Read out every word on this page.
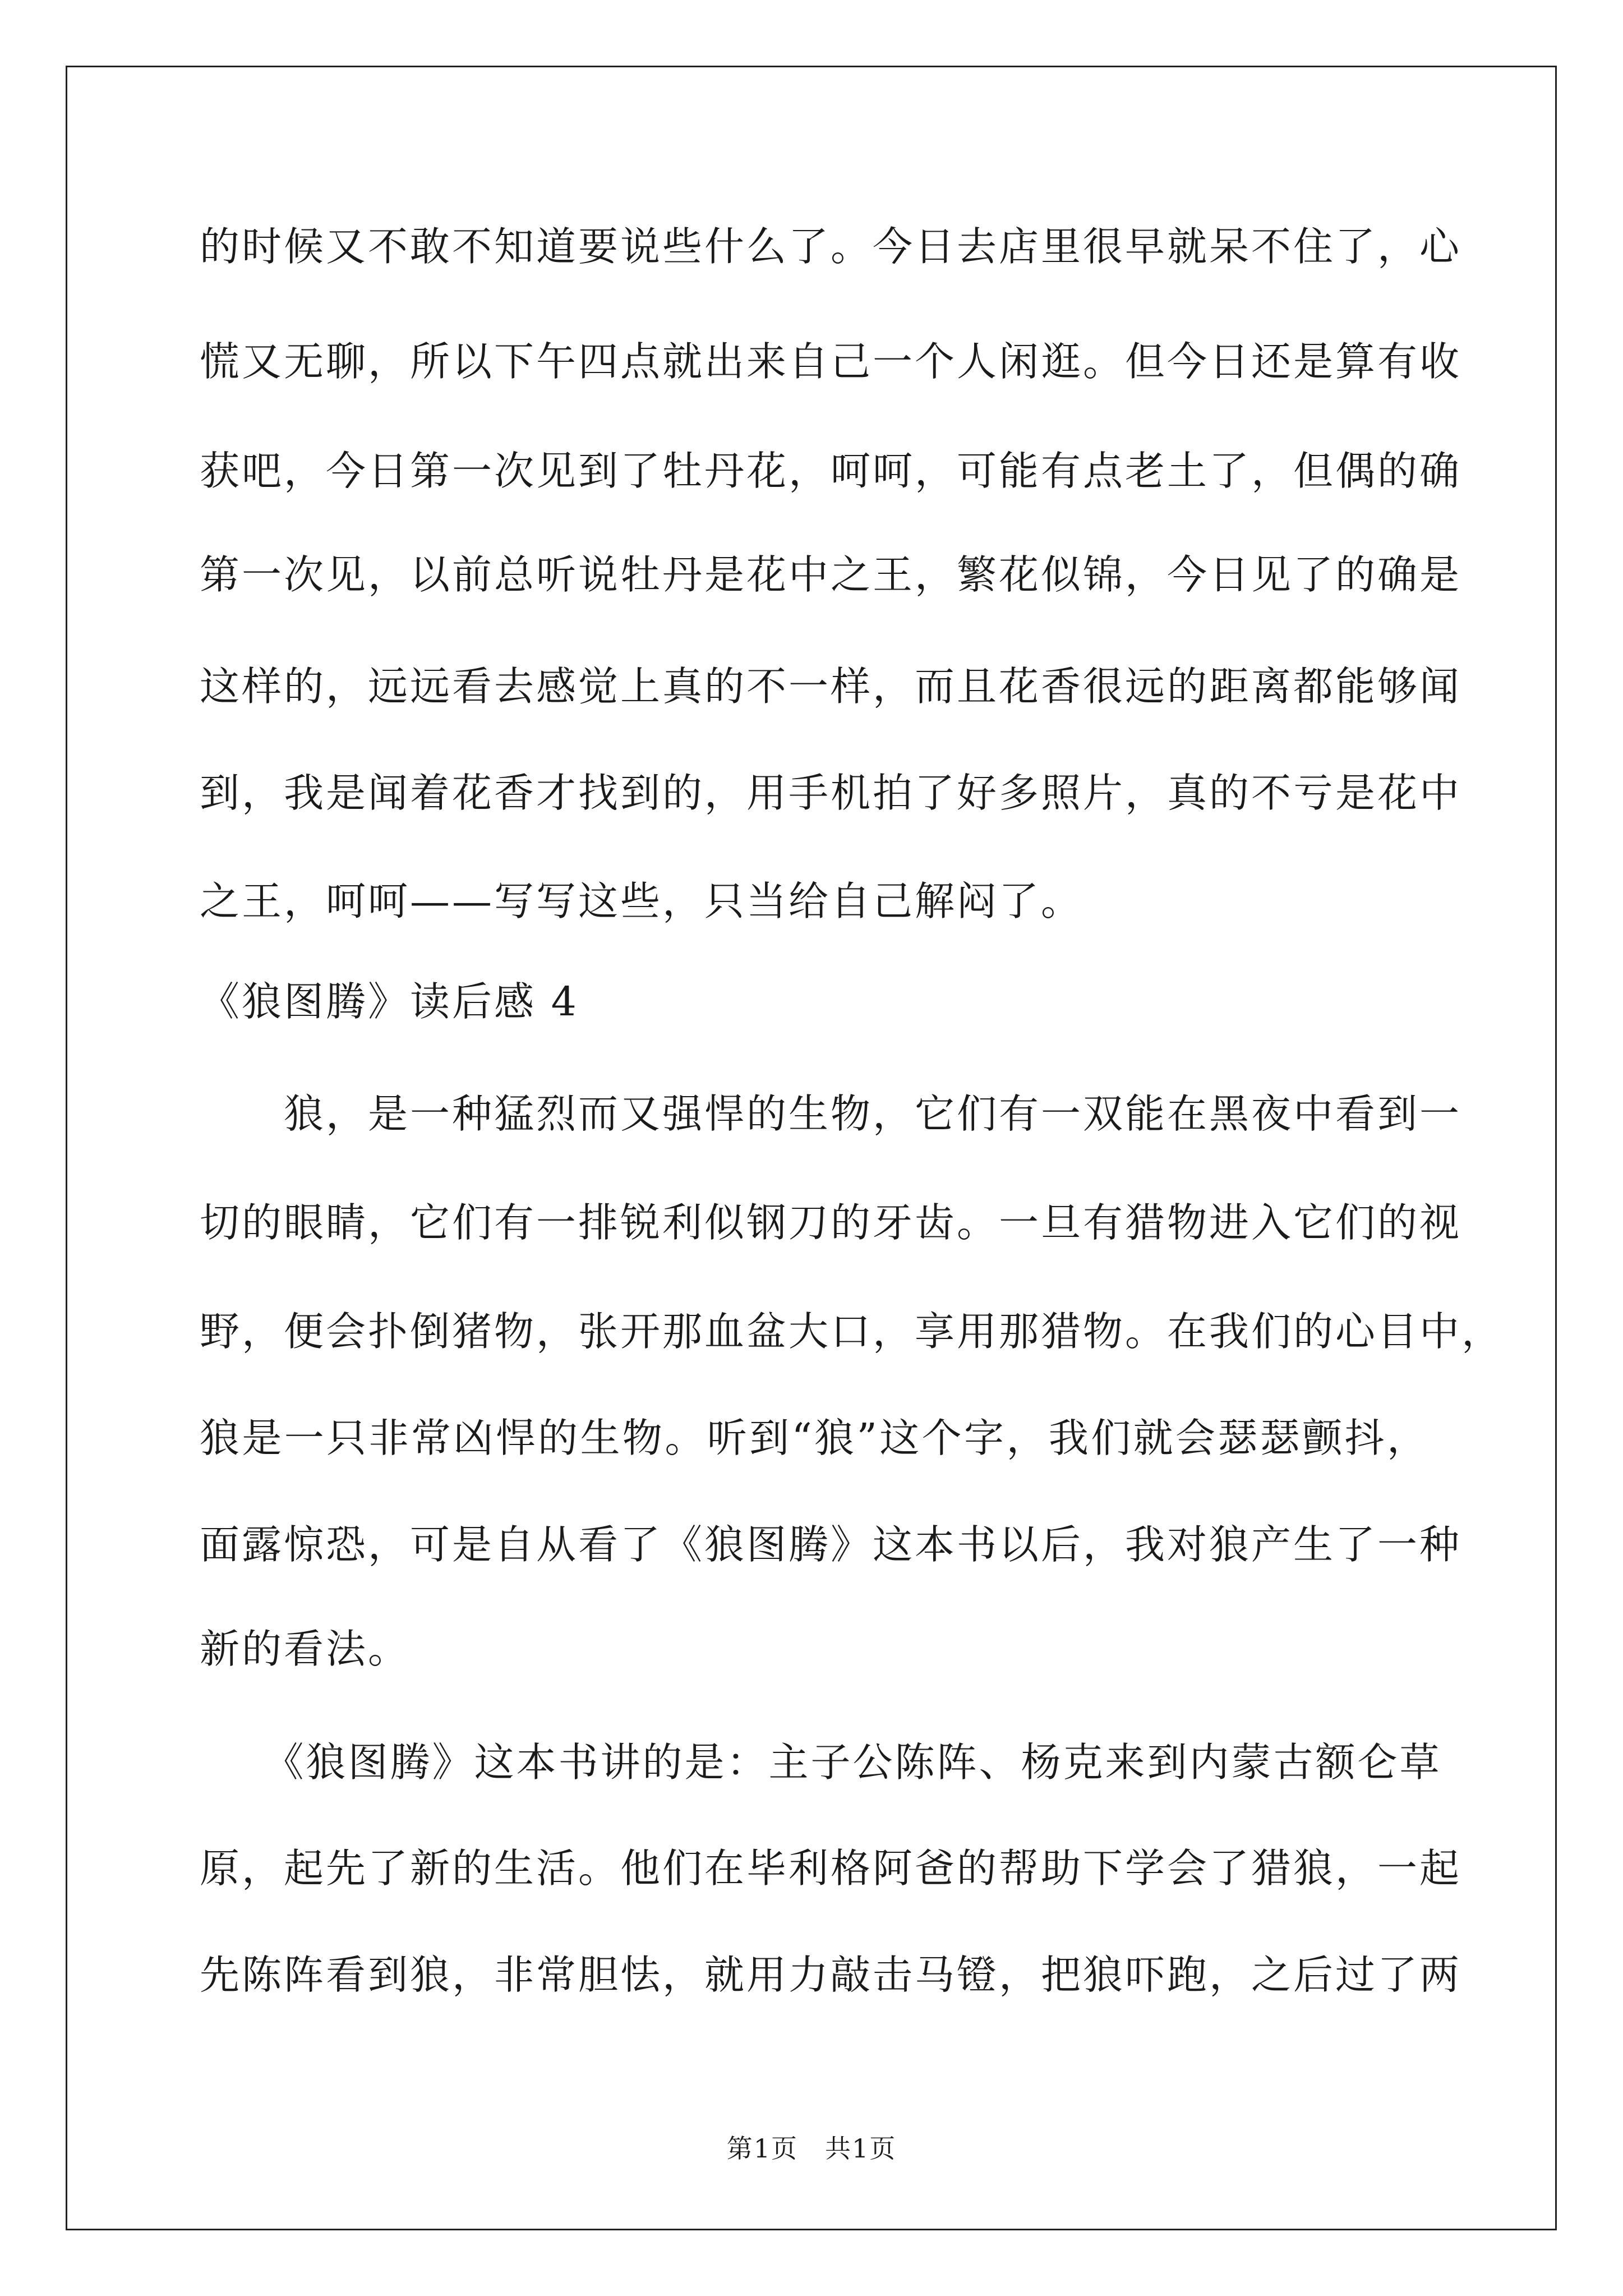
的时候又不敢不知道要说些什么了。今日去店里很早就呆不住了，心

慌又无聊，所以下午四点就出来自己一个人闲逛。但今日还是算有收

获吧，今日第一次见到了牡丹花，呵呵，可能有点老土了，但偶的确

第一次见，以前总听说牡丹是花中之王，繁花似锦，今日见了的确是

这样的，远远看去感觉上真的不一样，而且花香很远的距离都能够闻

到，我是闻着花香才找到的，用手机拍了好多照片，真的不亏是花中

之王，呵呵——写写这些，只当给自己解闷了。

《狼图腾》读后感 4

　　狼，是一种猛烈而又强悍的生物，它们有一双能在黑夜中看到一

切的眼睛，它们有一排锐利似钢刀的牙齿。一旦有猎物进入它们的视

野，便会扑倒猪物，张开那血盆大口，享用那猎物。在我们的心目中，

狼是一只非常凶悍的生物。听到“狼”这个字，我们就会瑟瑟颤抖，

面露惊恐，可是自从看了《狼图腾》这本书以后，我对狼产生了一种

新的看法。

　　《狼图腾》这本书讲的是：主子公陈阵、杨克来到内蒙古额仑草

原，起先了新的生活。他们在毕利格阿爸的帮助下学会了猎狼，一起

先陈阵看到狼，非常胆怯，就用力敲击马镫，把狼吓跑，之后过了两

第1页　共1页
